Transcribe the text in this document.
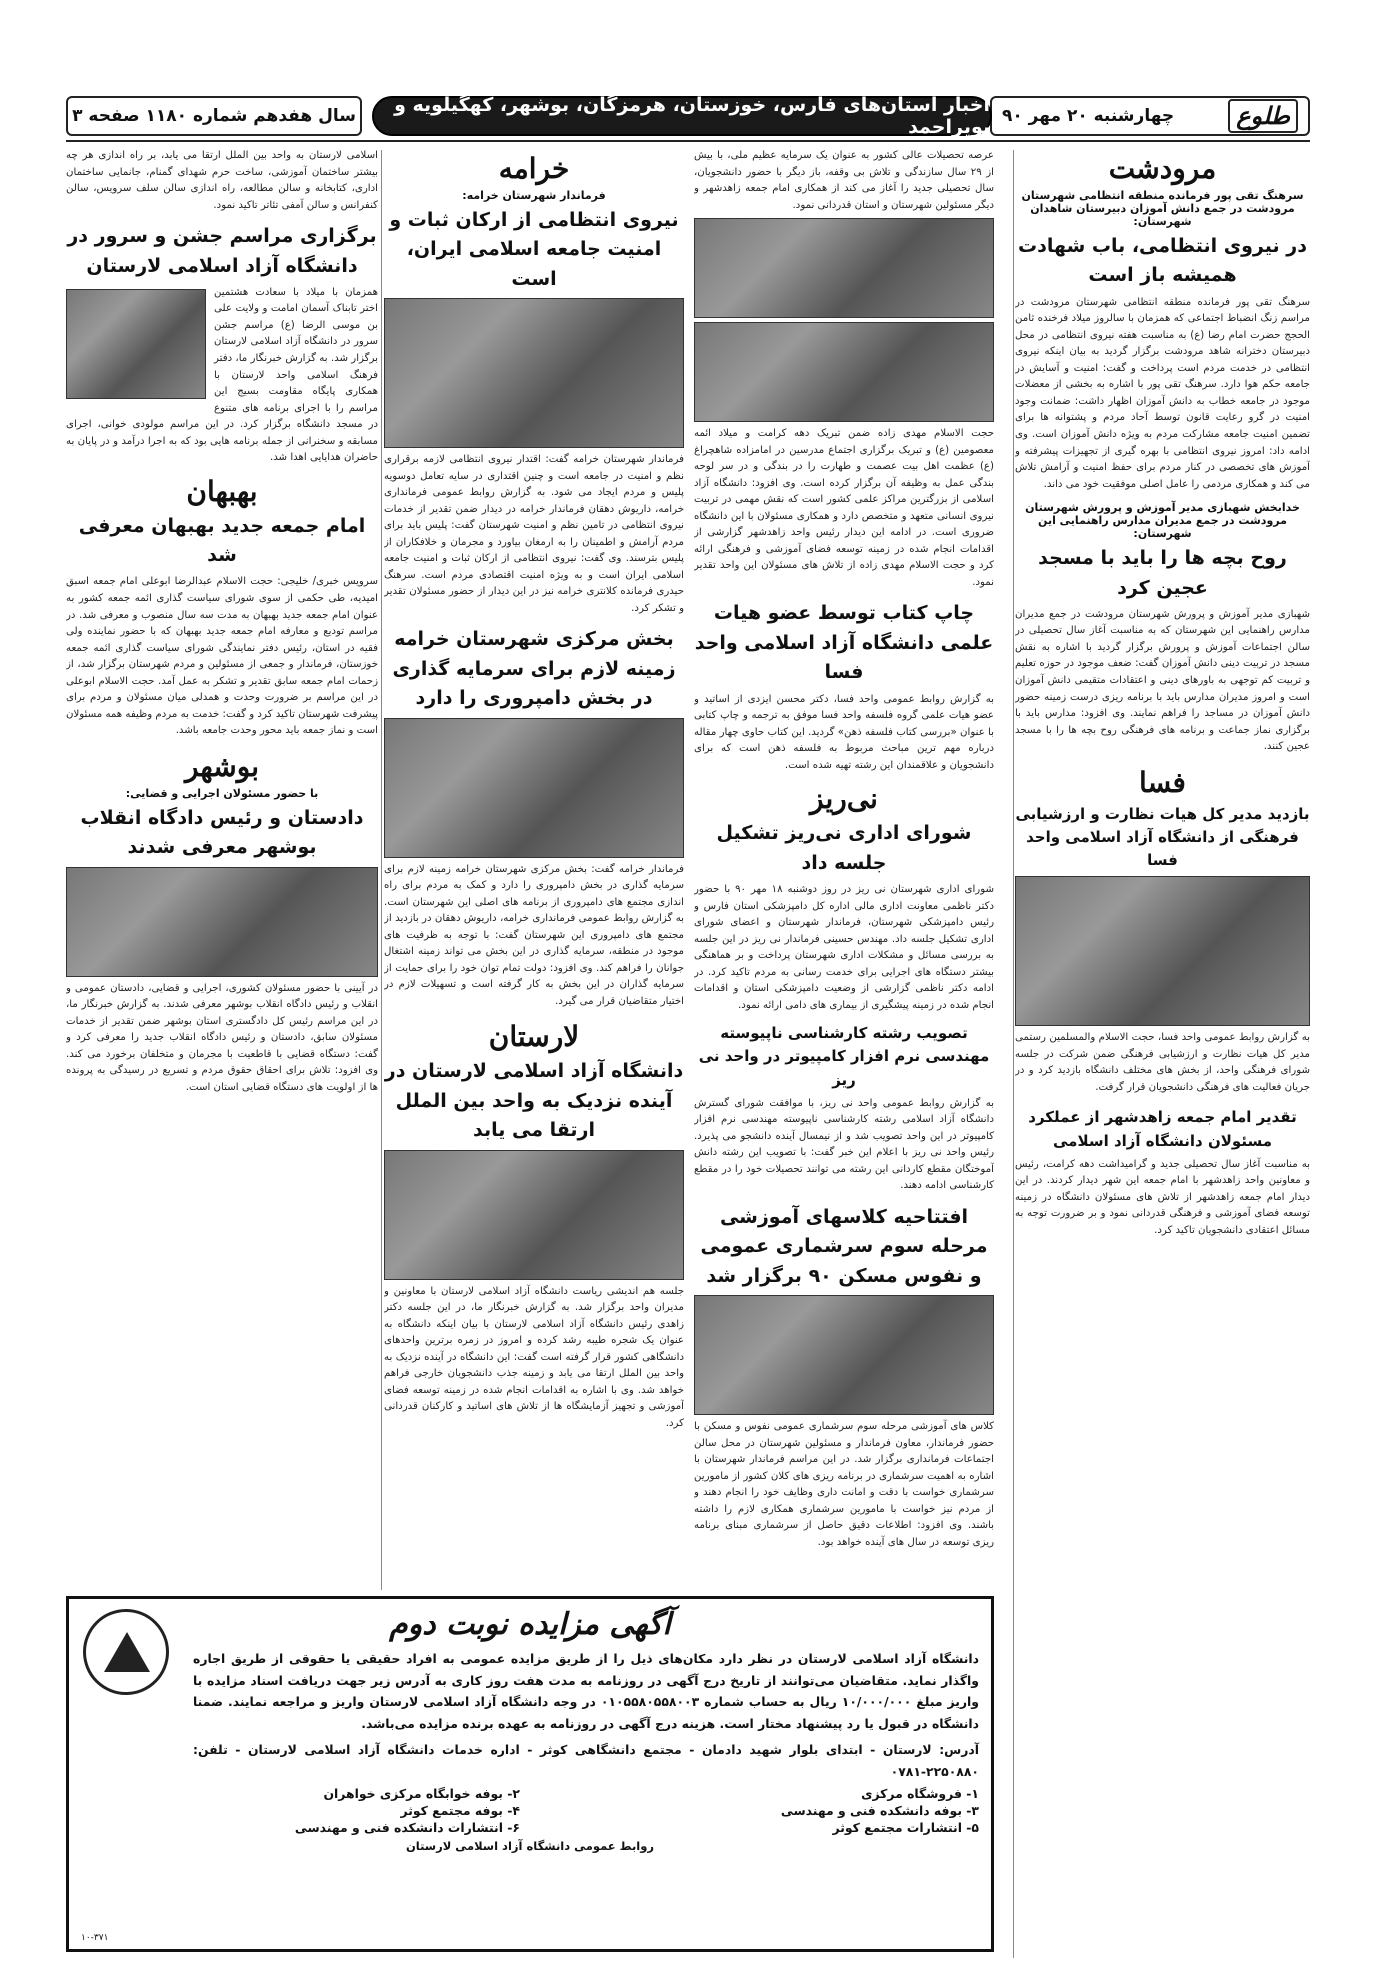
طلوع
چهارشنبه ۲۰ مهر ۹۰
اخبار استان‌های فارس، خوزستان، هرمزگان، بوشهر، کهگیلویه و بویراحمد
سال هفدهم شماره ۱۱۸۰ صفحه ۳
مرودشت
سرهنگ تقی پور فرمانده منطقه انتظامی شهرستان مرودشت در جمع دانش آموزان دبیرستان شاهدان شهرستان:
در نیروی انتظامی، باب شهادت همیشه باز است
سرهنگ تقی پور فرمانده منطقه انتظامی شهرستان مرودشت در مراسم زنگ انضباط اجتماعی که همزمان با سالروز میلاد فرخنده ثامن الحجج حضرت امام رضا (ع) به مناسبت هفته نیروی انتظامی در محل دبیرستان دخترانه شاهد مرودشت برگزار گردید به بیان اینکه نیروی انتظامی در خدمت مردم است پرداخت و گفت: امنیت و آسایش در جامعه حکم هوا دارد. سرهنگ تقی پور با اشاره به بخشی از معضلات موجود در جامعه خطاب به دانش آموزان اظهار داشت: ضمانت وجود امنیت در گرو رعایت قانون توسط آحاد مردم و پشتوانه ها برای تضمین امنیت جامعه مشارکت مردم به ویژه دانش آموزان است. وی ادامه داد: امروز نیروی انتظامی با بهره گیری از تجهیزات پیشرفته و آموزش های تخصصی در کنار مردم برای حفظ امنیت و آرامش تلاش می کند و همکاری مردمی را عامل اصلی موفقیت خود می داند.
خدابخش شهبازی مدیر آموزش و پرورش شهرستان مرودشت در جمع مدیران مدارس راهنمایی این شهرستان:
روح بچه ها را باید با مسجد عجین کرد
شهبازی مدیر آموزش و پرورش شهرستان مرودشت در جمع مدیران مدارس راهنمایی این شهرستان که به مناسبت آغاز سال تحصیلی در سالن اجتماعات آموزش و پرورش برگزار گردید با اشاره به نقش مسجد در تربیت دینی دانش آموزان گفت: ضعف موجود در حوزه تعلیم و تربیت کم توجهی به باورهای دینی و اعتقادات متقیمی دانش آموزان است و امروز مدیران مدارس باید با برنامه ریزی درست زمینه حضور دانش آموزان در مساجد را فراهم نمایند. وی افزود: مدارس باید با برگزاری نماز جماعت و برنامه های فرهنگی روح بچه ها را با مسجد عجین کنند.
فسا
بازدید مدیر کل هیات نظارت و ارزشیابی فرهنگی از دانشگاه آزاد اسلامی واحد فسا
به گزارش روابط عمومی واحد فسا، حجت الاسلام والمسلمین رستمی مدیر کل هیات نظارت و ارزشیابی فرهنگی ضمن شرکت در جلسه شورای فرهنگی واحد، از بخش های مختلف دانشگاه بازدید کرد و در جریان فعالیت های فرهنگی دانشجویان قرار گرفت.
تقدیر امام جمعه زاهدشهر از عملکرد مسئولان دانشگاه آزاد اسلامی
به مناسبت آغاز سال تحصیلی جدید و گرامیداشت دهه کرامت، رئیس و معاونین واحد زاهدشهر با امام جمعه این شهر دیدار کردند. در این دیدار امام جمعه زاهدشهر از تلاش های مسئولان دانشگاه در زمینه توسعه فضای آموزشی و فرهنگی قدردانی نمود و بر ضرورت توجه به مسائل اعتقادی دانشجویان تاکید کرد.
عرصه تحصیلات عالی کشور به عنوان یک سرمایه عظیم ملی، با بیش از ۲۹ سال سازندگی و تلاش بی وقفه، باز دیگر با حضور دانشجویان، سال تحصیلی جدید را آغاز می کند از همکاری امام جمعه زاهدشهر و دیگر مسئولین شهرستان و استان قدردانی نمود.
حجت الاسلام مهدی زاده ضمن تبریک دهه کرامت و میلاد ائمه معصومین (ع) و تبریک برگزاری اجتماع مدرسین در امامزاده شاهچراغ (ع) عظمت اهل بیت عصمت و طهارت را در بندگی و در سر لوحه بندگی عمل به وظیفه آن برگزار کرده است. وی افزود: دانشگاه آزاد اسلامی از بزرگترین مراکز علمی کشور است که نقش مهمی در تربیت نیروی انسانی متعهد و متخصص دارد و همکاری مسئولان با این دانشگاه ضروری است. در ادامه این دیدار رئیس واحد زاهدشهر گزارشی از اقدامات انجام شده در زمینه توسعه فضای آموزشی و فرهنگی ارائه کرد و حجت الاسلام مهدی زاده از تلاش های مسئولان این واحد تقدیر نمود.
چاپ کتاب توسط عضو هیات علمی دانشگاه آزاد اسلامی واحد فسا
به گزارش روابط عمومی واحد فسا، دکتر محسن ایزدی از اساتید و عضو هیات علمی گروه فلسفه واحد فسا موفق به ترجمه و چاپ کتابی با عنوان «بررسی کتاب فلسفه ذهن» گردید. این کتاب حاوی چهار مقاله درباره مهم ترین مباحث مربوط به فلسفه ذهن است که برای دانشجویان و علاقمندان این رشته تهیه شده است.
نی‌ریز
شورای اداری نی‌ریز تشکیل جلسه داد
شورای اداری شهرستان نی ریز در روز دوشنبه ۱۸ مهر ۹۰ با حضور دکتر ناظمی معاونت اداری مالی اداره کل دامپزشکی استان فارس و رئیس دامپزشکی شهرستان، فرماندار شهرستان و اعضای شورای اداری تشکیل جلسه داد. مهندس حسینی فرماندار نی ریز در این جلسه به بررسی مسائل و مشکلات اداری شهرستان پرداخت و بر هماهنگی بیشتر دستگاه های اجرایی برای خدمت رسانی به مردم تاکید کرد. در ادامه دکتر ناظمی گزارشی از وضعیت دامپزشکی استان و اقدامات انجام شده در زمینه پیشگیری از بیماری های دامی ارائه نمود.
تصویب رشته کارشناسی ناپیوسته مهندسی نرم افزار کامپیوتر در واحد نی ریز
به گزارش روابط عمومی واحد نی ریز، با موافقت شورای گسترش دانشگاه آزاد اسلامی رشته کارشناسی ناپیوسته مهندسی نرم افزار کامپیوتر در این واحد تصویب شد و از نیمسال آینده دانشجو می پذیرد. رئیس واحد نی ریز با اعلام این خبر گفت: با تصویب این رشته دانش آموختگان مقطع کاردانی این رشته می توانند تحصیلات خود را در مقطع کارشناسی ادامه دهند.
افتتاحیه کلاسهای آموزشی مرحله سوم سرشماری عمومی و نفوس مسکن ۹۰ برگزار شد
کلاس های آموزشی مرحله سوم سرشماری عمومی نفوس و مسکن با حضور فرماندار، معاون فرماندار و مسئولین شهرستان در محل سالن اجتماعات فرمانداری برگزار شد. در این مراسم فرماندار شهرستان با اشاره به اهمیت سرشماری در برنامه ریزی های کلان کشور از مامورین سرشماری خواست با دقت و امانت داری وظایف خود را انجام دهند و از مردم نیز خواست با مامورین سرشماری همکاری لازم را داشته باشند. وی افزود: اطلاعات دقیق حاصل از سرشماری مبنای برنامه ریزی توسعه در سال های آینده خواهد بود.
خرامه
فرماندار شهرستان خرامه:
نیروی انتظامی از ارکان ثبات و امنیت جامعه اسلامی ایران، است
فرماندار شهرستان خرامه گفت: اقتدار نیروی انتظامی لازمه برقراری نظم و امنیت در جامعه است و چنین اقتداری در سایه تعامل دوسویه پلیس و مردم ایجاد می شود. به گزارش روابط عمومی فرمانداری خرامه، داریوش دهقان فرماندار خرامه در دیدار ضمن تقدیر از خدمات نیروی انتظامی در تامین نظم و امنیت شهرستان گفت: پلیس باید برای مردم آرامش و اطمینان را به ارمغان بیاورد و مجرمان و خلافکاران از پلیس بترسند. وی گفت: نیروی انتظامی از ارکان ثبات و امنیت جامعه اسلامی ایران است و به ویژه امنیت اقتصادی مردم است. سرهنگ حیدری فرمانده کلانتری خرامه نیز در این دیدار از حضور مسئولان تقدیر و تشکر کرد.
بخش مرکزی شهرستان خرامه زمینه لازم برای سرمایه گذاری در بخش دامپروری را دارد
فرماندار خرامه گفت: بخش مرکزی شهرستان خرامه زمینه لازم برای سرمایه گذاری در بخش دامپروری را دارد و کمک به مردم برای راه اندازی مجتمع های دامپروری از برنامه های اصلی این شهرستان است. به گزارش روابط عمومی فرمانداری خرامه، داریوش دهقان در بازدید از مجتمع های دامپروری این شهرستان گفت: با توجه به ظرفیت های موجود در منطقه، سرمایه گذاری در این بخش می تواند زمینه اشتغال جوانان را فراهم کند. وی افزود: دولت تمام توان خود را برای حمایت از سرمایه گذاران در این بخش به کار گرفته است و تسهیلات لازم در اختیار متقاضیان قرار می گیرد.
لارستان
دانشگاه آزاد اسلامی لارستان در آینده نزدیک به واحد بین الملل ارتقا می یابد
جلسه هم اندیشی ریاست دانشگاه آزاد اسلامی لارستان با معاونین و مدیران واحد برگزار شد. به گزارش خبرنگار ما، در این جلسه دکتر زاهدی رئیس دانشگاه آزاد اسلامی لارستان با بیان اینکه دانشگاه به عنوان یک شجره طیبه رشد کرده و امروز در زمره برترین واحدهای دانشگاهی کشور قرار گرفته است گفت: این دانشگاه در آینده نزدیک به واحد بین الملل ارتقا می یابد و زمینه جذب دانشجویان خارجی فراهم خواهد شد. وی با اشاره به اقدامات انجام شده در زمینه توسعه فضای آموزشی و تجهیز آزمایشگاه ها از تلاش های اساتید و کارکنان قدردانی کرد.
اسلامی لارستان به واحد بین الملل ارتقا می یابد، بر راه اندازی هر چه بیشتر ساختمان آموزشی، ساخت حرم شهدای گمنام، جانمایی ساختمان اداری، کتابخانه و سالن مطالعه، راه اندازی سالن سلف سرویس، سالن کنفرانس و سالن آمفی تئاتر تاکید نمود.
برگزاری مراسم جشن و سرور در دانشگاه آزاد اسلامی لارستان
همزمان با میلاد با سعادت هشتمین اختر تابناک آسمان امامت و ولایت علی بن موسی الرضا (ع) مراسم جشن سرور در دانشگاه آزاد اسلامی لارستان برگزار شد. به گزارش خبرنگار ما، دفتر فرهنگ اسلامی واحد لارستان با همکاری پایگاه مقاومت بسیج این مراسم را با اجرای برنامه های متنوع در مسجد دانشگاه برگزار کرد. در این مراسم مولودی خوانی، اجرای مسابقه و سخنرانی از جمله برنامه هایی بود که به اجرا درآمد و در پایان به حاضران هدایایی اهدا شد.
بهبهان
امام جمعه جدید بهبهان معرفی شد
سرویس خبری/ خلیجی: حجت الاسلام عبدالرضا ابوعلی امام جمعه اسبق امیدیه، طی حکمی از سوی شورای سیاست گذاری ائمه جمعه کشور به عنوان امام جمعه جدید بهبهان به مدت سه سال منصوب و معرفی شد. در مراسم تودیع و معارفه امام جمعه جدید بهبهان که با حضور نماینده ولی فقیه در استان، رئیس دفتر نمایندگی شورای سیاست گذاری ائمه جمعه خوزستان، فرماندار و جمعی از مسئولین و مردم شهرستان برگزار شد، از زحمات امام جمعه سابق تقدیر و تشکر به عمل آمد. حجت الاسلام ابوعلی در این مراسم بر ضرورت وحدت و همدلی میان مسئولان و مردم برای پیشرفت شهرستان تاکید کرد و گفت: خدمت به مردم وظیفه همه مسئولان است و نماز جمعه باید محور وحدت جامعه باشد.
بوشهر
با حضور مسئولان اجرایی و قضایی:
دادستان و رئیس دادگاه انقلاب بوشهر معرفی شدند
در آیینی با حضور مسئولان کشوری، اجرایی و قضایی، دادستان عمومی و انقلاب و رئیس دادگاه انقلاب بوشهر معرفی شدند. به گزارش خبرنگار ما، در این مراسم رئیس کل دادگستری استان بوشهر ضمن تقدیر از خدمات مسئولان سابق، دادستان و رئیس دادگاه انقلاب جدید را معرفی کرد و گفت: دستگاه قضایی با قاطعیت با مجرمان و متخلفان برخورد می کند. وی افزود: تلاش برای احقاق حقوق مردم و تسریع در رسیدگی به پرونده ها از اولویت های دستگاه قضایی استان است.
آگهی مزایده نوبت دوم
دانشگاه آزاد اسلامی لارستان در نظر دارد مکان‌های ذیل را از طریق مزایده عمومی به افراد حقیقی یا حقوقی از طریق اجاره واگذار نماید. متقاضیان می‌توانند از تاریخ درج آگهی در روزنامه به مدت هفت روز کاری به آدرس زیر جهت دریافت اسناد مزایده با واریز مبلغ ۱۰/۰۰۰/۰۰۰ ریال به حساب شماره ۰۱۰۵۵۸۰۵۵۸۰۰۳ در وجه دانشگاه آزاد اسلامی لارستان واریز و مراجعه نمایند. ضمنا دانشگاه در قبول یا رد پیشنهاد مختار است. هزینه درج آگهی در روزنامه به عهده برنده مزایده می‌باشد.
آدرس: لارستان - ابتدای بلوار شهید دادمان - مجتمع دانشگاهی کوثر - اداره خدمات دانشگاه آزاد اسلامی لارستان - تلفن: ۲۲۵۰۸۸۰-۰۷۸۱
۱- فروشگاه مرکزی
۲- بوفه خوابگاه مرکزی خواهران
۳- بوفه دانشکده فنی و مهندسی
۴- بوفه مجتمع کوثر
۵- انتشارات مجتمع کوثر
۶- انتشارات دانشکده فنی و مهندسی
روابط عمومی دانشگاه آزاد اسلامی لارستان
۱۰-۳۷۱
